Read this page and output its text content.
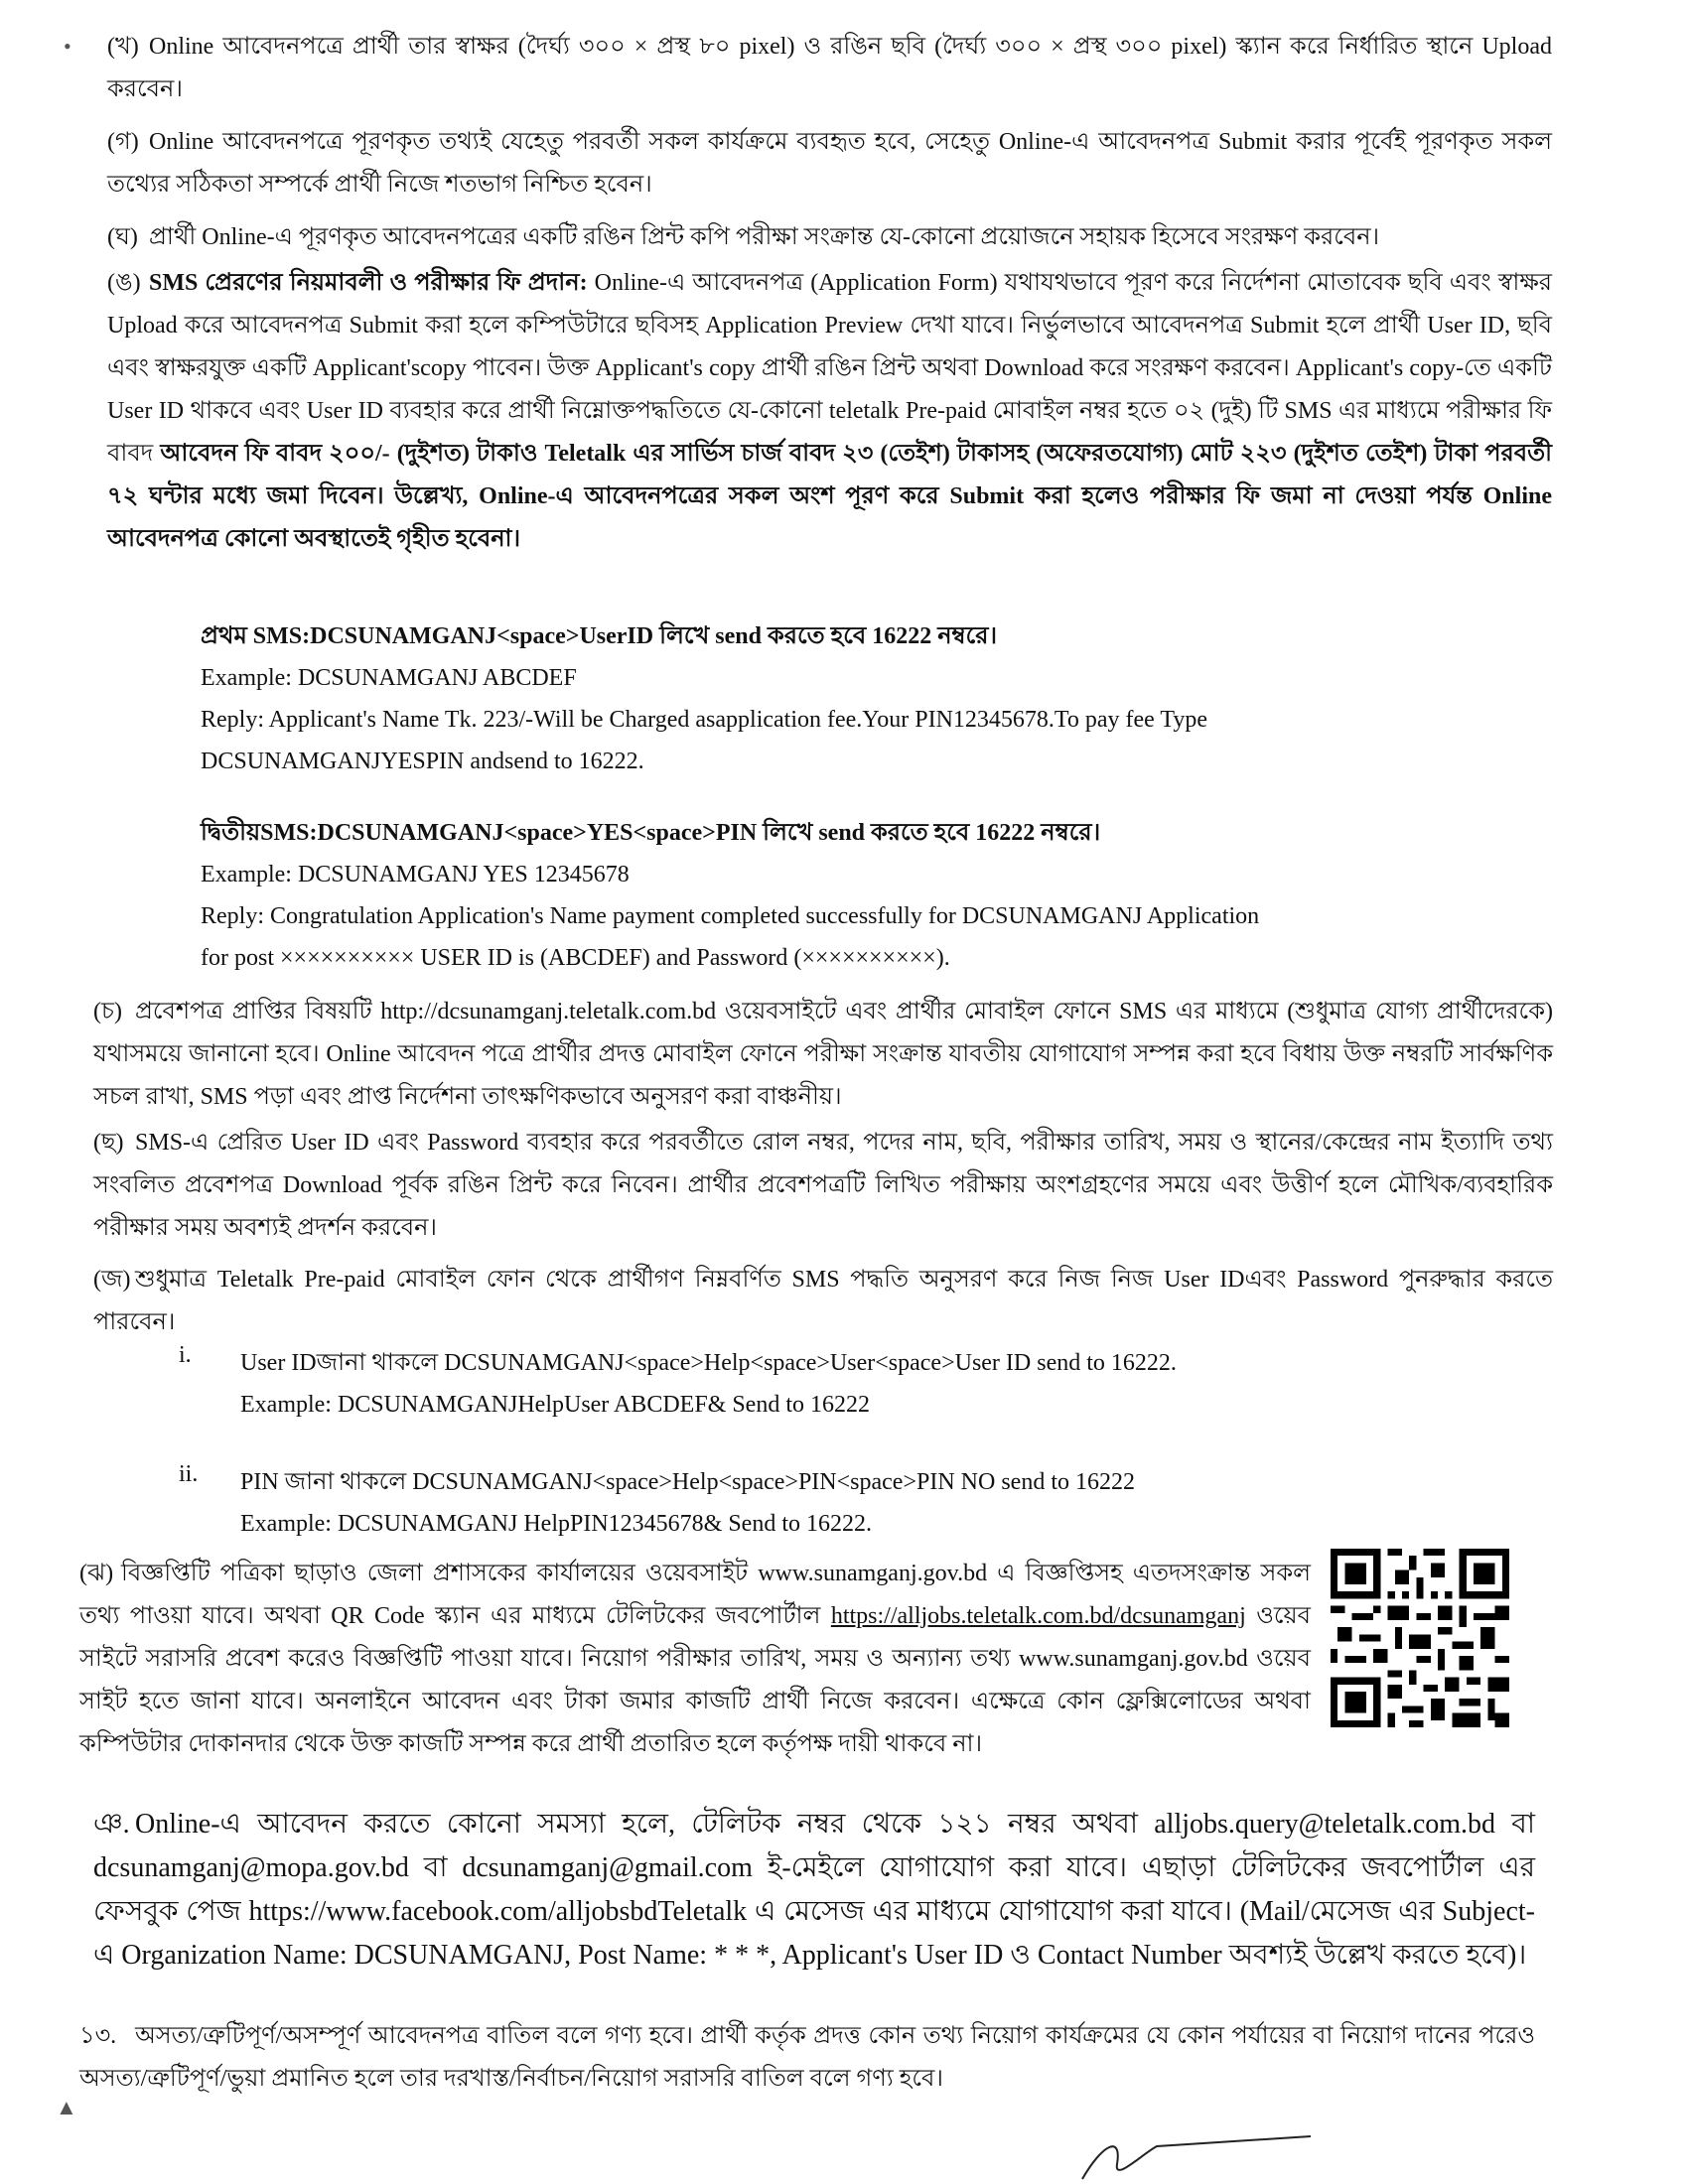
•
▲
(খ) Online আবেদনপত্রে প্রার্থী তার স্বাক্ষর (দৈর্ঘ্য ৩০০ × প্রস্থ ৮০ pixel) ও রঙিন ছবি (দৈর্ঘ্য ৩০০ × প্রস্থ ৩০০ pixel) স্ক্যান করে নির্ধারিত স্থানে Upload করবেন।
(গ) Online আবেদনপত্রে পূরণকৃত তথ্যই যেহেতু পরবর্তী সকল কার্যক্রমে ব্যবহৃত হবে, সেহেতু Online-এ আবেদনপত্র Submit করার পূর্বেই পূরণকৃত সকল তথ্যের সঠিকতা সম্পর্কে প্রার্থী নিজে শতভাগ নিশ্চিত হবেন।
(ঘ) প্রার্থী Online-এ পূরণকৃত আবেদনপত্রের একটি রঙিন প্রিন্ট কপি পরীক্ষা সংক্রান্ত যে-কোনো প্রয়োজনে সহায়ক হিসেবে সংরক্ষণ করবেন।
(ঙ) SMS প্রেরণের নিয়মাবলী ও পরীক্ষার ফি প্রদান: Online-এ আবেদনপত্র (Application Form) যথাযথভাবে পূরণ করে নির্দেশনা মোতাবেক ছবি এবং স্বাক্ষর Upload করে আবেদনপত্র Submit করা হলে কম্পিউটারে ছবিসহ Application Preview দেখা যাবে। নির্ভুলভাবে আবেদনপত্র Submit হলে প্রার্থী User ID, ছবি এবং স্বাক্ষরযুক্ত একটি Applicant'scopy পাবেন। উক্ত Applicant's copy প্রার্থী রঙিন প্রিন্ট অথবা Download করে সংরক্ষণ করবেন। Applicant's copy-তে একটি User ID থাকবে এবং User ID ব্যবহার করে প্রার্থী নিম্নোক্তপদ্ধতিতে যে-কোনো teletalk Pre-paid মোবাইল নম্বর হতে ০২ (দুই) টি SMS এর মাধ্যমে পরীক্ষার ফি বাবদ আবেদন ফি বাবদ ২০০/- (দুইশত) টাকাও Teletalk এর সার্ভিস চার্জ বাবদ ২৩ (তেইশ) টাকাসহ (অফেরতযোগ্য) মোট ২২৩ (দুইশত তেইশ) টাকা পরবর্তী ৭২ ঘন্টার মধ্যে জমা দিবেন। উল্লেখ্য, Online-এ আবেদনপত্রের সকল অংশ পূরণ করে Submit করা হলেও পরীক্ষার ফি জমা না দেওয়া পর্যন্ত Online আবেদনপত্র কোনো অবস্থাতেই গৃহীত হবেনা।
প্রথম SMS:DCSUNAMGANJ<space>UserID লিখে send করতে হবে 16222 নম্বরে।
Example: DCSUNAMGANJ ABCDEF
Reply: Applicant's Name Tk. 223/-Will be Charged asapplication fee.Your PIN12345678.To pay fee Type
DCSUNAMGANJYESPIN andsend to 16222.
দ্বিতীয়SMS:DCSUNAMGANJ<space>YES<space>PIN লিখে send করতে হবে 16222 নম্বরে।
Example: DCSUNAMGANJ YES 12345678
Reply: Congratulation Application's Name payment completed successfully for DCSUNAMGANJ Application
for post ×××××××××× USER ID is (ABCDEF) and Password (××××××××××).
(চ) প্রবেশপত্র প্রাপ্তির বিষয়টি http://dcsunamganj.teletalk.com.bd ওয়েবসাইটে এবং প্রার্থীর মোবাইল ফোনে SMS এর মাধ্যমে (শুধুমাত্র যোগ্য প্রার্থীদেরকে) যথাসময়ে জানানো হবে। Online আবেদন পত্রে প্রার্থীর প্রদত্ত মোবাইল ফোনে পরীক্ষা সংক্রান্ত যাবতীয় যোগাযোগ সম্পন্ন করা হবে বিধায় উক্ত নম্বরটি সার্বক্ষণিক সচল রাখা, SMS পড়া এবং প্রাপ্ত নির্দেশনা তাৎক্ষণিকভাবে অনুসরণ করা বাঞ্চনীয়।
(ছ) SMS-এ প্রেরিত User ID এবং Password ব্যবহার করে পরবর্তীতে রোল নম্বর, পদের নাম, ছবি, পরীক্ষার তারিখ, সময় ও স্থানের/কেন্দ্রের নাম ইত্যাদি তথ্য সংবলিত প্রবেশপত্র Download পূর্বক রঙিন প্রিন্ট করে নিবেন। প্রার্থীর প্রবেশপত্রটি লিখিত পরীক্ষায় অংশগ্রহণের সময়ে এবং উত্তীর্ণ হলে মৌখিক/ব্যবহারিক পরীক্ষার সময় অবশ্যই প্রদর্শন করবেন।
(জ) শুধুমাত্র Teletalk Pre-paid মোবাইল ফোন থেকে প্রার্থীগণ নিম্নবর্ণিত SMS পদ্ধতি অনুসরণ করে নিজ নিজ User IDএবং Password পুনরুদ্ধার করতে পারবেন।
i. User IDজানা থাকলে DCSUNAMGANJ<space>Help<space>User<space>User ID send to 16222.
Example: DCSUNAMGANJHelpUser ABCDEF& Send to 16222
ii. PIN জানা থাকলে DCSUNAMGANJ<space>Help<space>PIN<space>PIN NO send to 16222
Example: DCSUNAMGANJ HelpPIN12345678& Send to 16222.
(ঝ) বিজ্ঞপ্তিটি পত্রিকা ছাড়াও জেলা প্রশাসকের কার্যালয়ের ওয়েবসাইট www.sunamganj.gov.bd এ বিজ্ঞপ্তিসহ এতদসংক্রান্ত সকল তথ্য পাওয়া যাবে। অথবা QR Code স্ক্যান এর মাধ্যমে টেলিটকের জবপোর্টাল https://alljobs.teletalk.com.bd/dcsunamganj ওয়েব সাইটে সরাসরি প্রবেশ করেও বিজ্ঞপ্তিটি পাওয়া যাবে। নিয়োগ পরীক্ষার তারিখ, সময় ও অন্যান্য তথ্য www.sunamganj.gov.bd ওয়েব সাইট হতে জানা যাবে। অনলাইনে আবেদন এবং টাকা জমার কাজটি প্রার্থী নিজে করবেন। এক্ষেত্রে কোন ফ্লেক্সিলোডের অথবা কম্পিউটার দোকানদার থেকে উক্ত কাজটি সম্পন্ন করে প্রার্থী প্রতারিত হলে কর্তৃপক্ষ দায়ী থাকবে না।
ঞ. Online-এ আবেদন করতে কোনো সমস্যা হলে, টেলিটক নম্বর থেকে ১২১ নম্বর অথবা alljobs.query@teletalk.com.bd বা dcsunamganj@mopa.gov.bd বা dcsunamganj@gmail.com ই-মেইলে যোগাযোগ করা যাবে। এছাড়া টেলিটকের জবপোর্টাল এর ফেসবুক পেজ https://www.facebook.com/alljobsbdTeletalk এ মেসেজ এর মাধ্যমে যোগাযোগ করা যাবে। (Mail/মেসেজ এর Subject- এ Organization Name: DCSUNAMGANJ, Post Name: * * *, Applicant's User ID ও Contact Number অবশ্যই উল্লেখ করতে হবে)।
১৩. অসত্য/ত্রুটিপূর্ণ/অসম্পূর্ণ আবেদনপত্র বাতিল বলে গণ্য হবে। প্রার্থী কর্তৃক প্রদত্ত কোন তথ্য নিয়োগ কার্যক্রমের যে কোন পর্যায়ের বা নিয়োগ দানের পরেও অসত্য/ত্রুটিপূর্ণ/ভুয়া প্রমানিত হলে তার দরখাস্ত/নির্বাচন/নিয়োগ সরাসরি বাতিল বলে গণ্য হবে।
